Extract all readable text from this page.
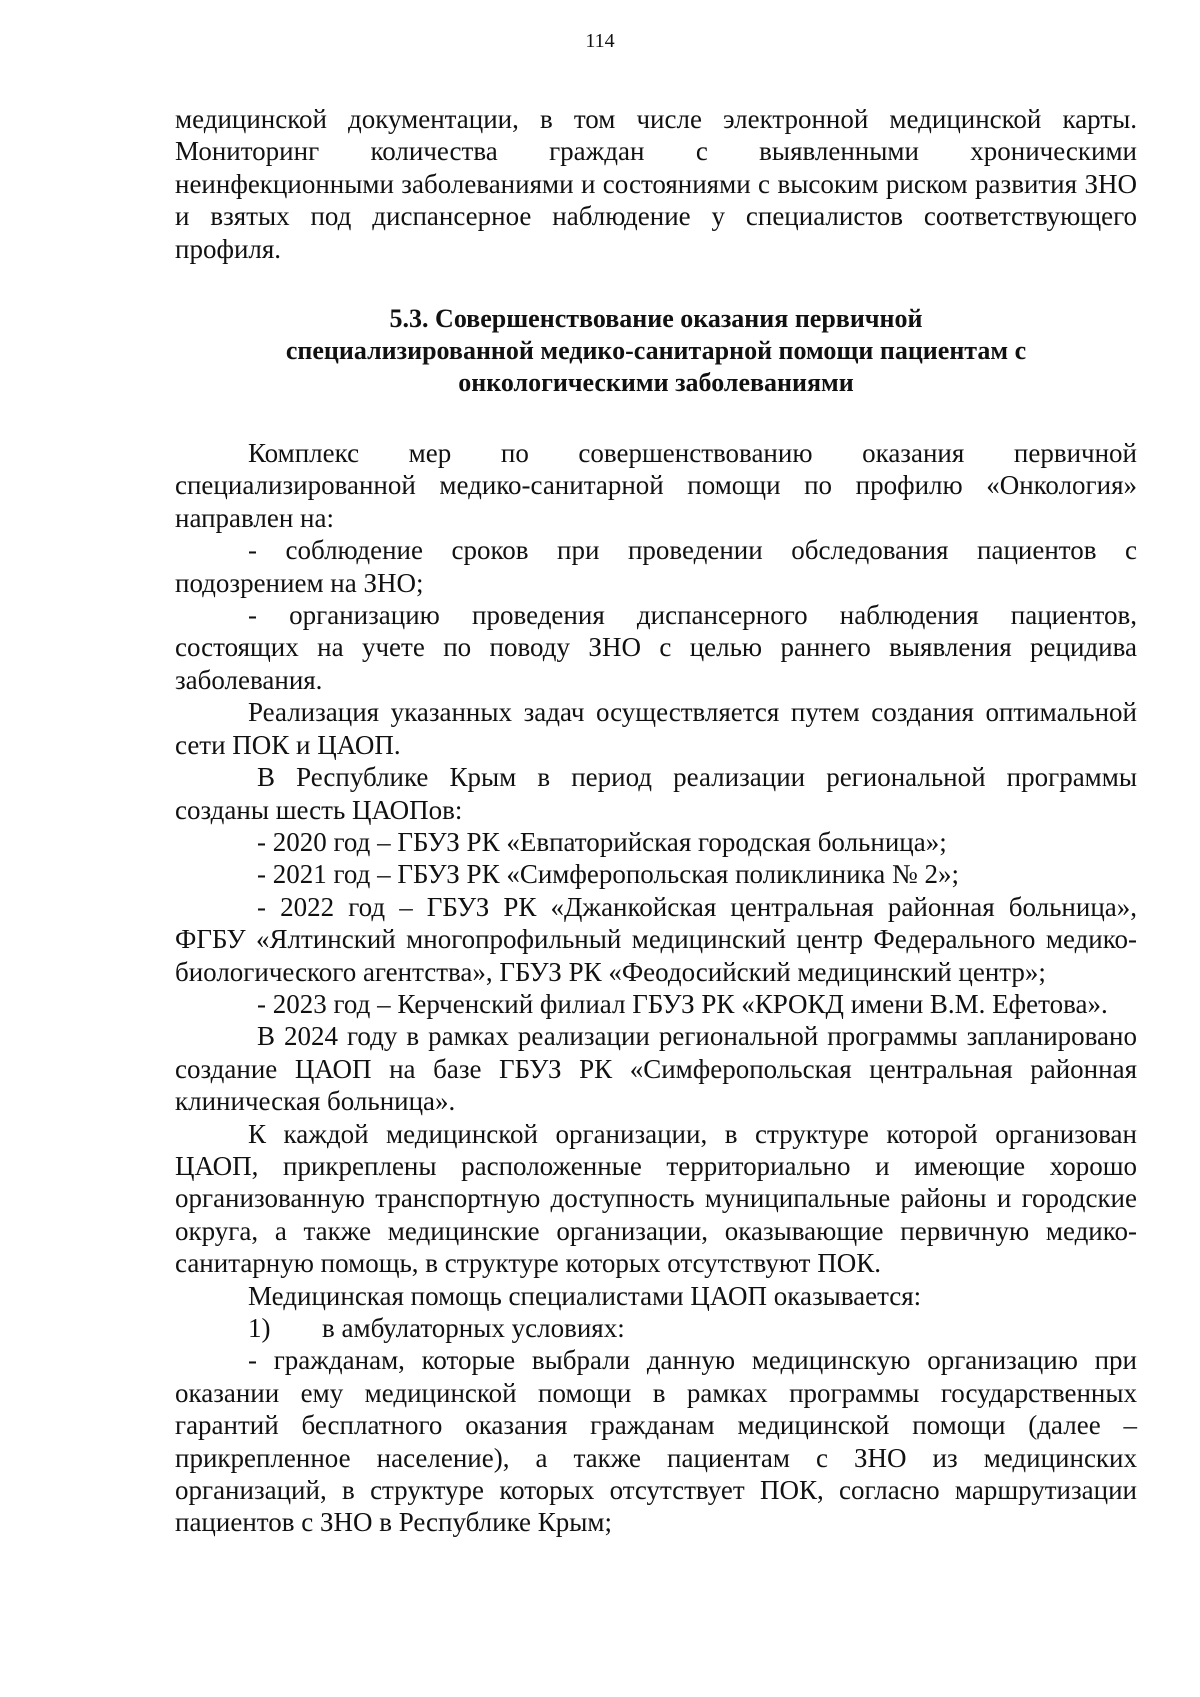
114

медицинской документации, в том числе электронной медицинской карты. Мониторинг количества граждан с выявленными хроническими неинфекционными заболеваниями и состояниями с высоким риском развития ЗНО и взятых под диспансерное наблюдение у специалистов соответствующего профиля.

5.3. Совершенствование оказания первичной
специализированной медико-санитарной помощи пациентам с
онкологическими заболеваниями

Комплекс мер по совершенствованию оказания первичной специализированной медико-санитарной помощи по профилю «Онкология» направлен на:

- соблюдение сроков при проведении обследования пациентов с подозрением на ЗНО;

- организацию проведения диспансерного наблюдения пациентов, состоящих на учете по поводу ЗНО с целью раннего выявления рецидива заболевания.

Реализация указанных задач осуществляется путем создания оптимальной сети ПОК и ЦАОП.

В Республике Крым в период реализации региональной программы созданы шесть ЦАОПов:

- 2020 год – ГБУЗ РК «Евпаторийская городская больница»;

- 2021 год – ГБУЗ РК «Симферопольская поликлиника № 2»;

- 2022 год – ГБУЗ РК «Джанкойская центральная районная больница», ФГБУ «Ялтинский многопрофильный медицинский центр Федерального медико-биологического агентства», ГБУЗ РК «Феодосийский медицинский центр»;

- 2023 год – Керченский филиал ГБУЗ РК «КРОКД имени В.М. Ефетова».

В 2024 году в рамках реализации региональной программы запланировано создание ЦАОП на базе ГБУЗ РК «Симферопольская центральная районная клиническая больница».

К каждой медицинской организации, в структуре которой организован ЦАОП, прикреплены расположенные территориально и имеющие хорошо организованную транспортную доступность муниципальные районы и городские округа, а также медицинские организации, оказывающие первичную медико-санитарную помощь, в структуре которых отсутствуют ПОК.

Медицинская помощь специалистами ЦАОП оказывается:

1) в амбулаторных условиях:

- гражданам, которые выбрали данную медицинскую организацию при оказании ему медицинской помощи в рамках программы государственных гарантий бесплатного оказания гражданам медицинской помощи (далее – прикрепленное население), а также пациентам с ЗНО из медицинских организаций, в структуре которых отсутствует ПОК, согласно маршрутизации пациентов с ЗНО в Республике Крым;
